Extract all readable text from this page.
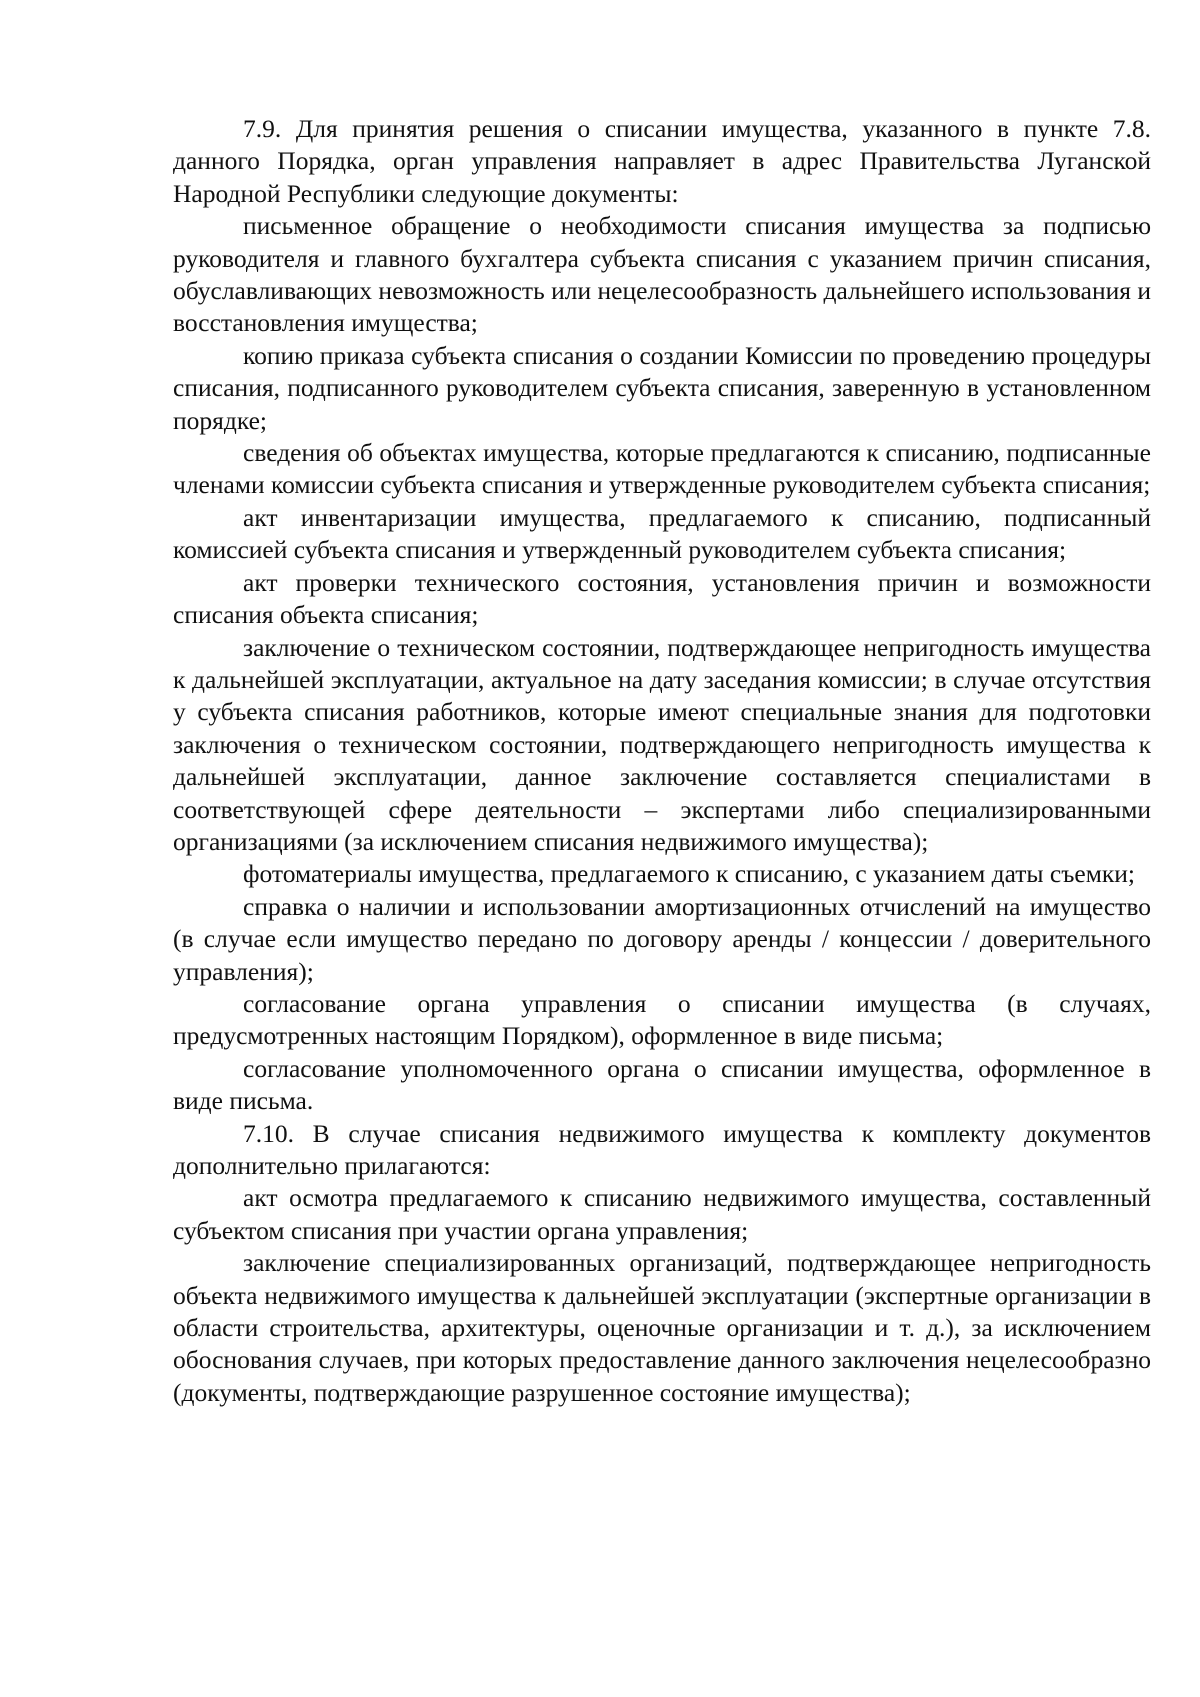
7.9. Для принятия решения о списании имущества, указанного в пункте 7.8. данного Порядка, орган управления направляет в адрес Правительства Луганской Народной Республики следующие документы:

письменное обращение о необходимости списания имущества за подписью руководителя и главного бухгалтера субъекта списания с указанием причин списания, обуславливающих невозможность или нецелесообразность дальнейшего использования и восстановления имущества;

копию приказа субъекта списания о создании Комиссии по проведению процедуры списания, подписанного руководителем субъекта списания, заверенную в установленном порядке;

сведения об объектах имущества, которые предлагаются к списанию, подписанные членами комиссии субъекта списания и утвержденные руководителем субъекта списания;

акт инвентаризации имущества, предлагаемого к списанию, подписанный комиссией субъекта списания и утвержденный руководителем субъекта списания;

акт проверки технического состояния, установления причин и возможности списания объекта списания;

заключение о техническом состоянии, подтверждающее непригодность имущества к дальнейшей эксплуатации, актуальное на дату заседания комиссии; в случае отсутствия у субъекта списания работников, которые имеют специальные знания для подготовки заключения о техническом состоянии, подтверждающего непригодность имущества к дальнейшей эксплуатации, данное заключение составляется специалистами в соответствующей сфере деятельности – экспертами либо специализированными организациями (за исключением списания недвижимого имущества);

фотоматериалы имущества, предлагаемого к списанию, с указанием даты съемки;

справка о наличии и использовании амортизационных отчислений на имущество (в случае если имущество передано по договору аренды / концессии / доверительного управления);

согласование органа управления о списании имущества (в случаях, предусмотренных настоящим Порядком), оформленное в виде письма;

согласование уполномоченного органа о списании имущества, оформленное в виде письма.

7.10. В случае списания недвижимого имущества к комплекту документов дополнительно прилагаются:

акт осмотра предлагаемого к списанию недвижимого имущества, составленный субъектом списания при участии органа управления;

заключение специализированных организаций, подтверждающее непригодность объекта недвижимого имущества к дальнейшей эксплуатации (экспертные организации в области строительства, архитектуры, оценочные организации и т. д.), за исключением обоснования случаев, при которых предоставление данного заключения нецелесообразно (документы, подтверждающие разрушенное состояние имущества);
